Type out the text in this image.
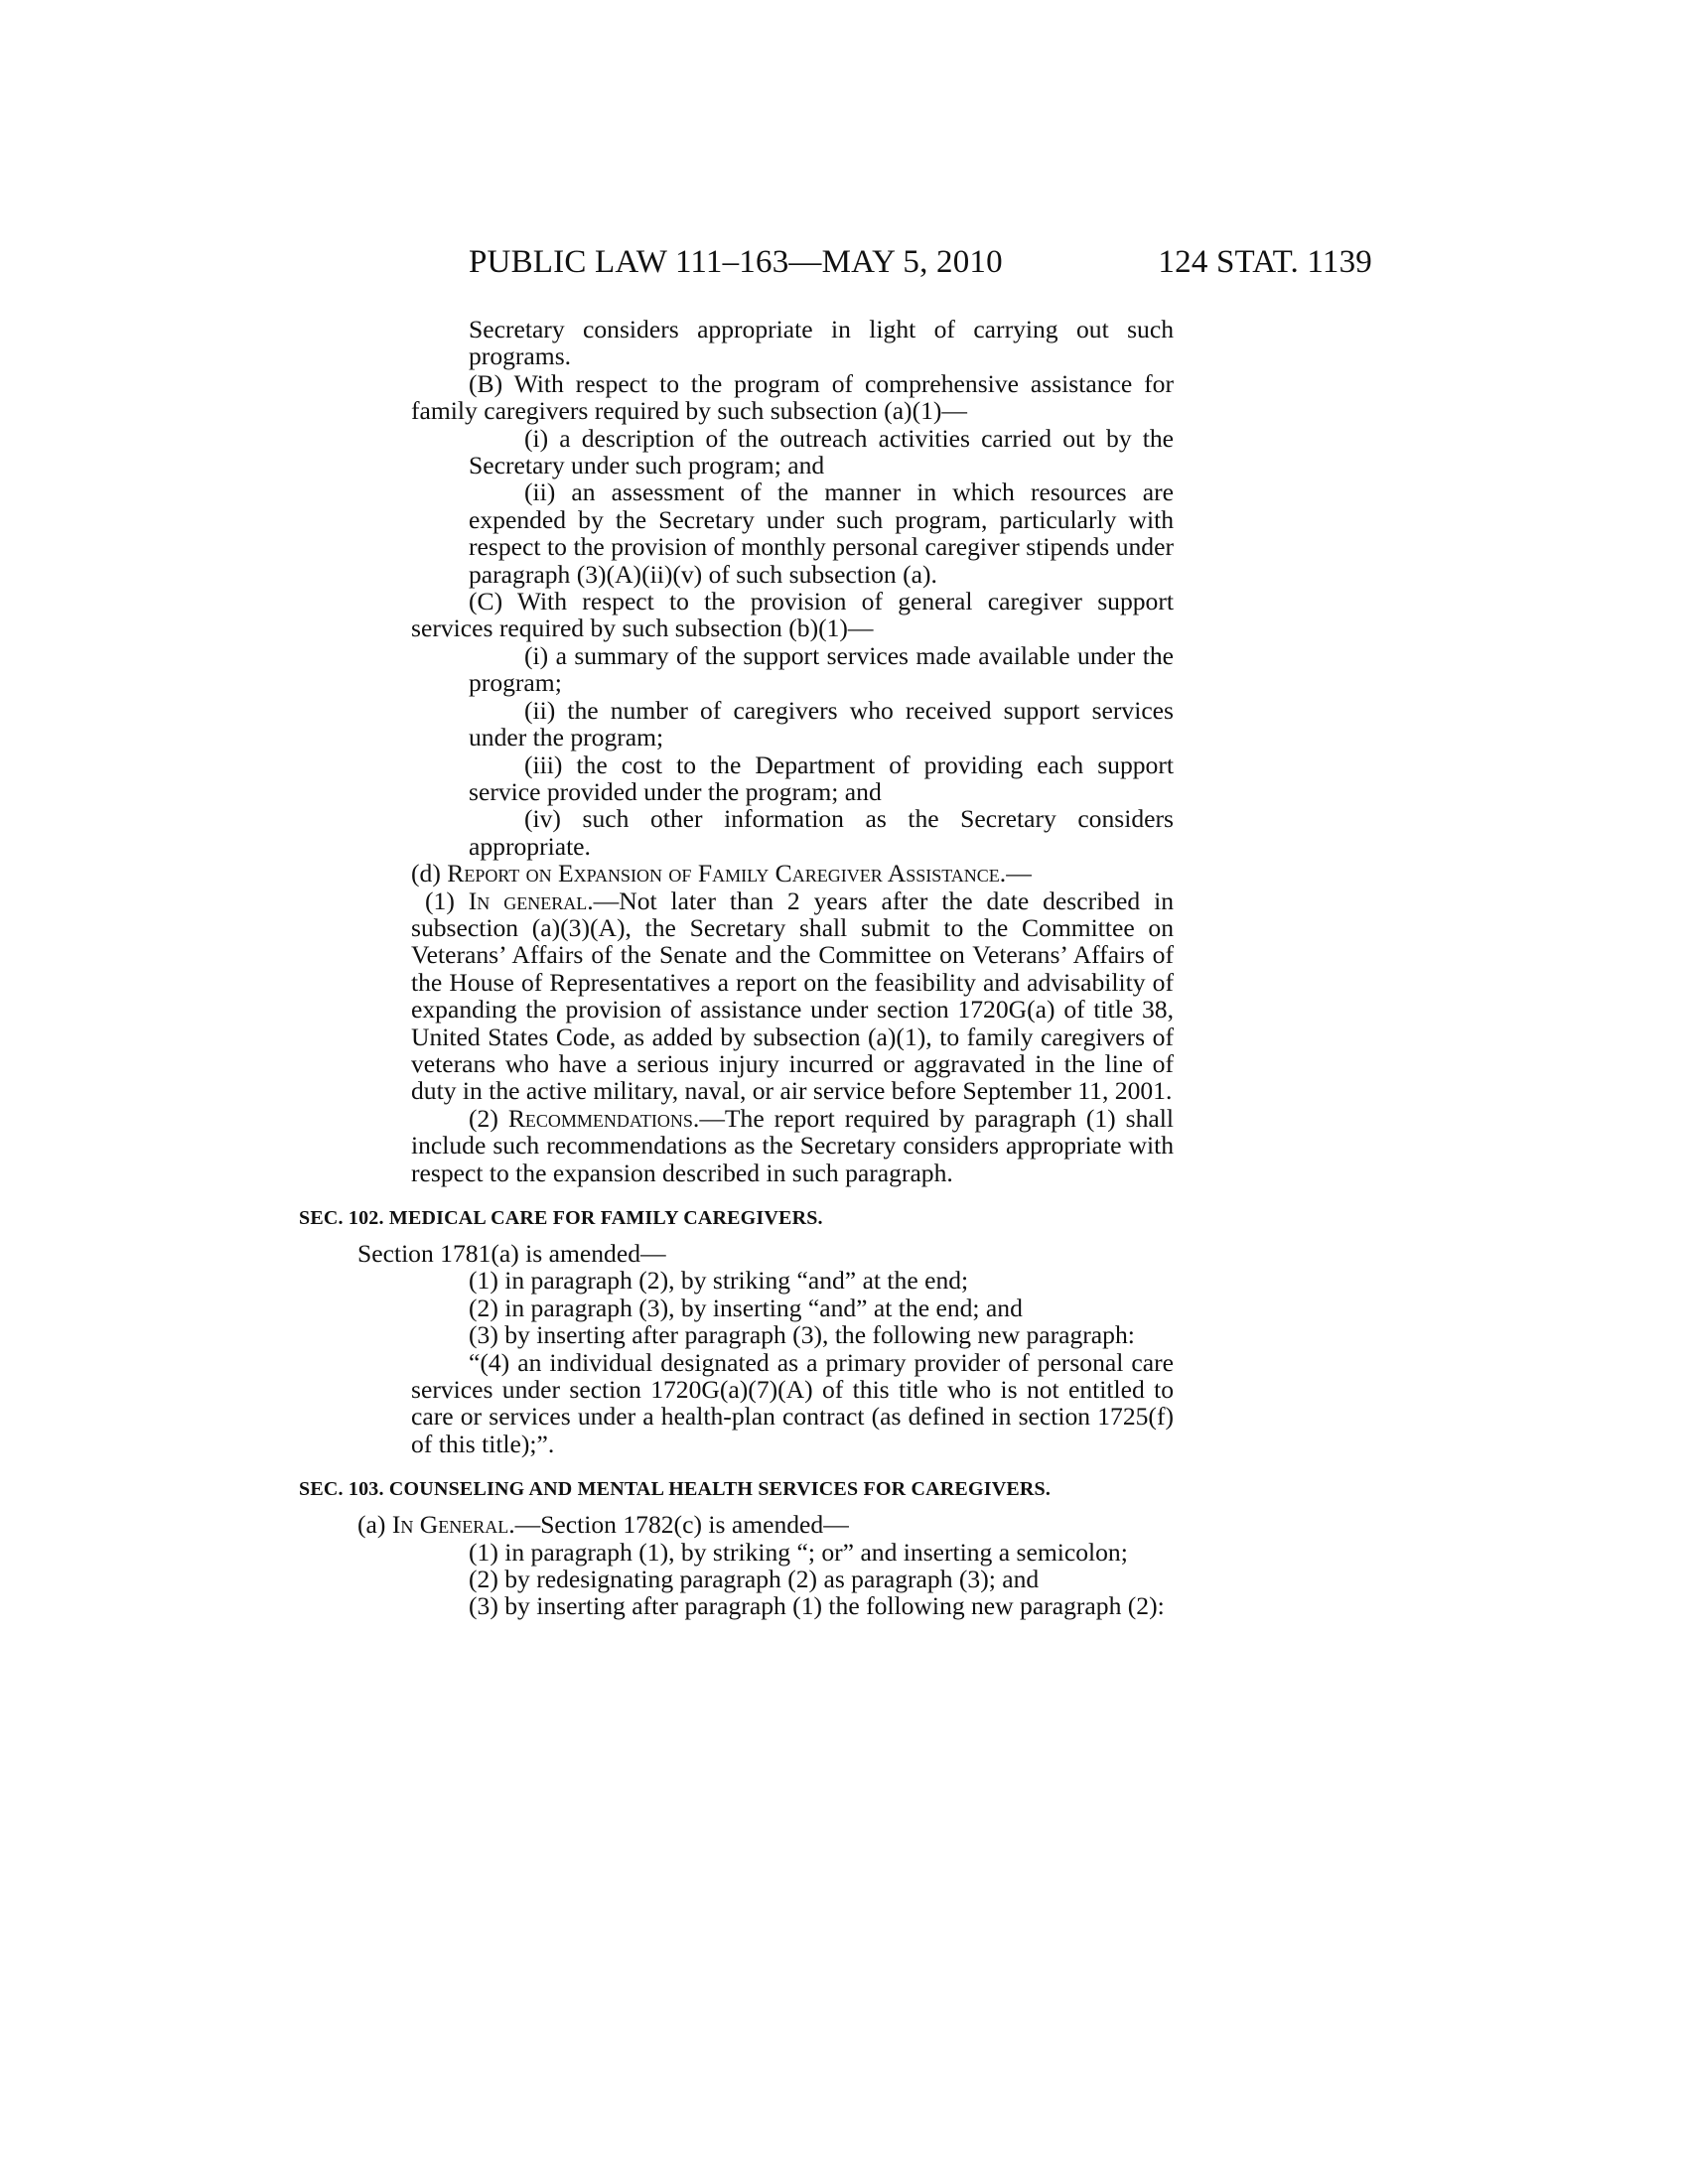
PUBLIC LAW 111–163—MAY 5, 2010	124 STAT. 1139

Secretary considers appropriate in light of carrying out such programs.

(B) With respect to the program of comprehensive assistance for family caregivers required by such subsection (a)(1)—

(i) a description of the outreach activities carried out by the Secretary under such program; and

(ii) an assessment of the manner in which resources are expended by the Secretary under such program, particularly with respect to the provision of monthly personal caregiver stipends under paragraph (3)(A)(ii)(v) of such subsection (a).

(C) With respect to the provision of general caregiver support services required by such subsection (b)(1)—

(i) a summary of the support services made available under the program;

(ii) the number of caregivers who received support services under the program;

(iii) the cost to the Department of providing each support service provided under the program; and

(iv) such other information as the Secretary considers appropriate.

(d) Report on Expansion of Family Caregiver Assistance.—

(1) In general.—Not later than 2 years after the date described in subsection (a)(3)(A), the Secretary shall submit to the Committee on Veterans’ Affairs of the Senate and the Committee on Veterans’ Affairs of the House of Representatives a report on the feasibility and advisability of expanding the provision of assistance under section 1720G(a) of title 38, United States Code, as added by subsection (a)(1), to family caregivers of veterans who have a serious injury incurred or aggravated in the line of duty in the active military, naval, or air service before September 11, 2001.

(2) Recommendations.—The report required by paragraph (1) shall include such recommendations as the Secretary considers appropriate with respect to the expansion described in such paragraph.

SEC. 102. MEDICAL CARE FOR FAMILY CAREGIVERS.

Section 1781(a) is amended—

(1) in paragraph (2), by striking “and” at the end;

(2) in paragraph (3), by inserting “and” at the end; and

(3) by inserting after paragraph (3), the following new paragraph:

“(4) an individual designated as a primary provider of personal care services under section 1720G(a)(7)(A) of this title who is not entitled to care or services under a health-plan contract (as defined in section 1725(f) of this title);”.

SEC. 103. COUNSELING AND MENTAL HEALTH SERVICES FOR CAREGIVERS.

(a) In General.—Section 1782(c) is amended—

(1) in paragraph (1), by striking “; or” and inserting a semicolon;

(2) by redesignating paragraph (2) as paragraph (3); and

(3) by inserting after paragraph (1) the following new paragraph (2):
